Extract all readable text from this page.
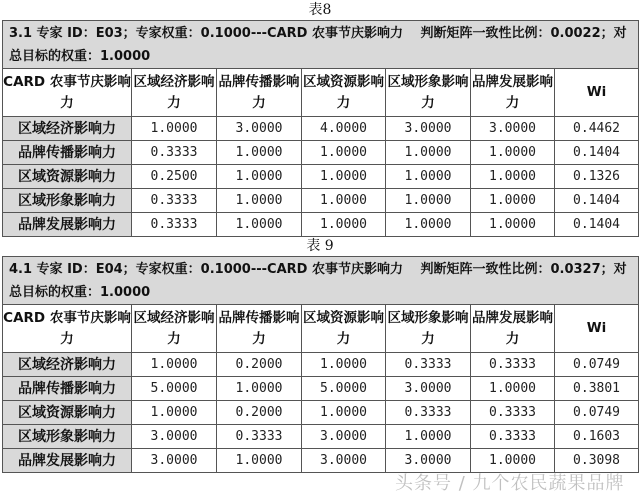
表8
3.1 专家 ID：E03；专家权重：0.1000---CARD 农事节庆影响力　 判断矩阵一致性比例：0.0022；对总目标的权重：1.0000						
CARD 农事节庆影响力	区域经济影响力	品牌传播影响力	区域资源影响力	区域形象影响力	品牌发展影响力	Wi
区域经济影响力	1.0000	3.0000	4.0000	3.0000	3.0000	0.4462
品牌传播影响力	0.3333	1.0000	1.0000	1.0000	1.0000	0.1404
区域资源影响力	0.2500	1.0000	1.0000	1.0000	1.0000	0.1326
区域形象影响力	0.3333	1.0000	1.0000	1.0000	1.0000	0.1404
品牌发展影响力	0.3333	1.0000	1.0000	1.0000	1.0000	0.1404
表 9
4.1 专家 ID：E04；专家权重：0.1000---CARD 农事节庆影响力　 判断矩阵一致性比例：0.0327；对总目标的权重：1.0000						
CARD 农事节庆影响力	区域经济影响力	品牌传播影响力	区域资源影响力	区域形象影响力	品牌发展影响力	Wi
区域经济影响力	1.0000	0.2000	1.0000	0.3333	0.3333	0.0749
品牌传播影响力	5.0000	1.0000	5.0000	3.0000	1.0000	0.3801
区域资源影响力	1.0000	0.2000	1.0000	0.3333	0.3333	0.0749
区域形象影响力	3.0000	0.3333	3.0000	1.0000	0.3333	0.1603
品牌发展影响力	3.0000	1.0000	3.0000	3.0000	1.0000	0.3098
头条号 / 九个农民蔬果品牌
